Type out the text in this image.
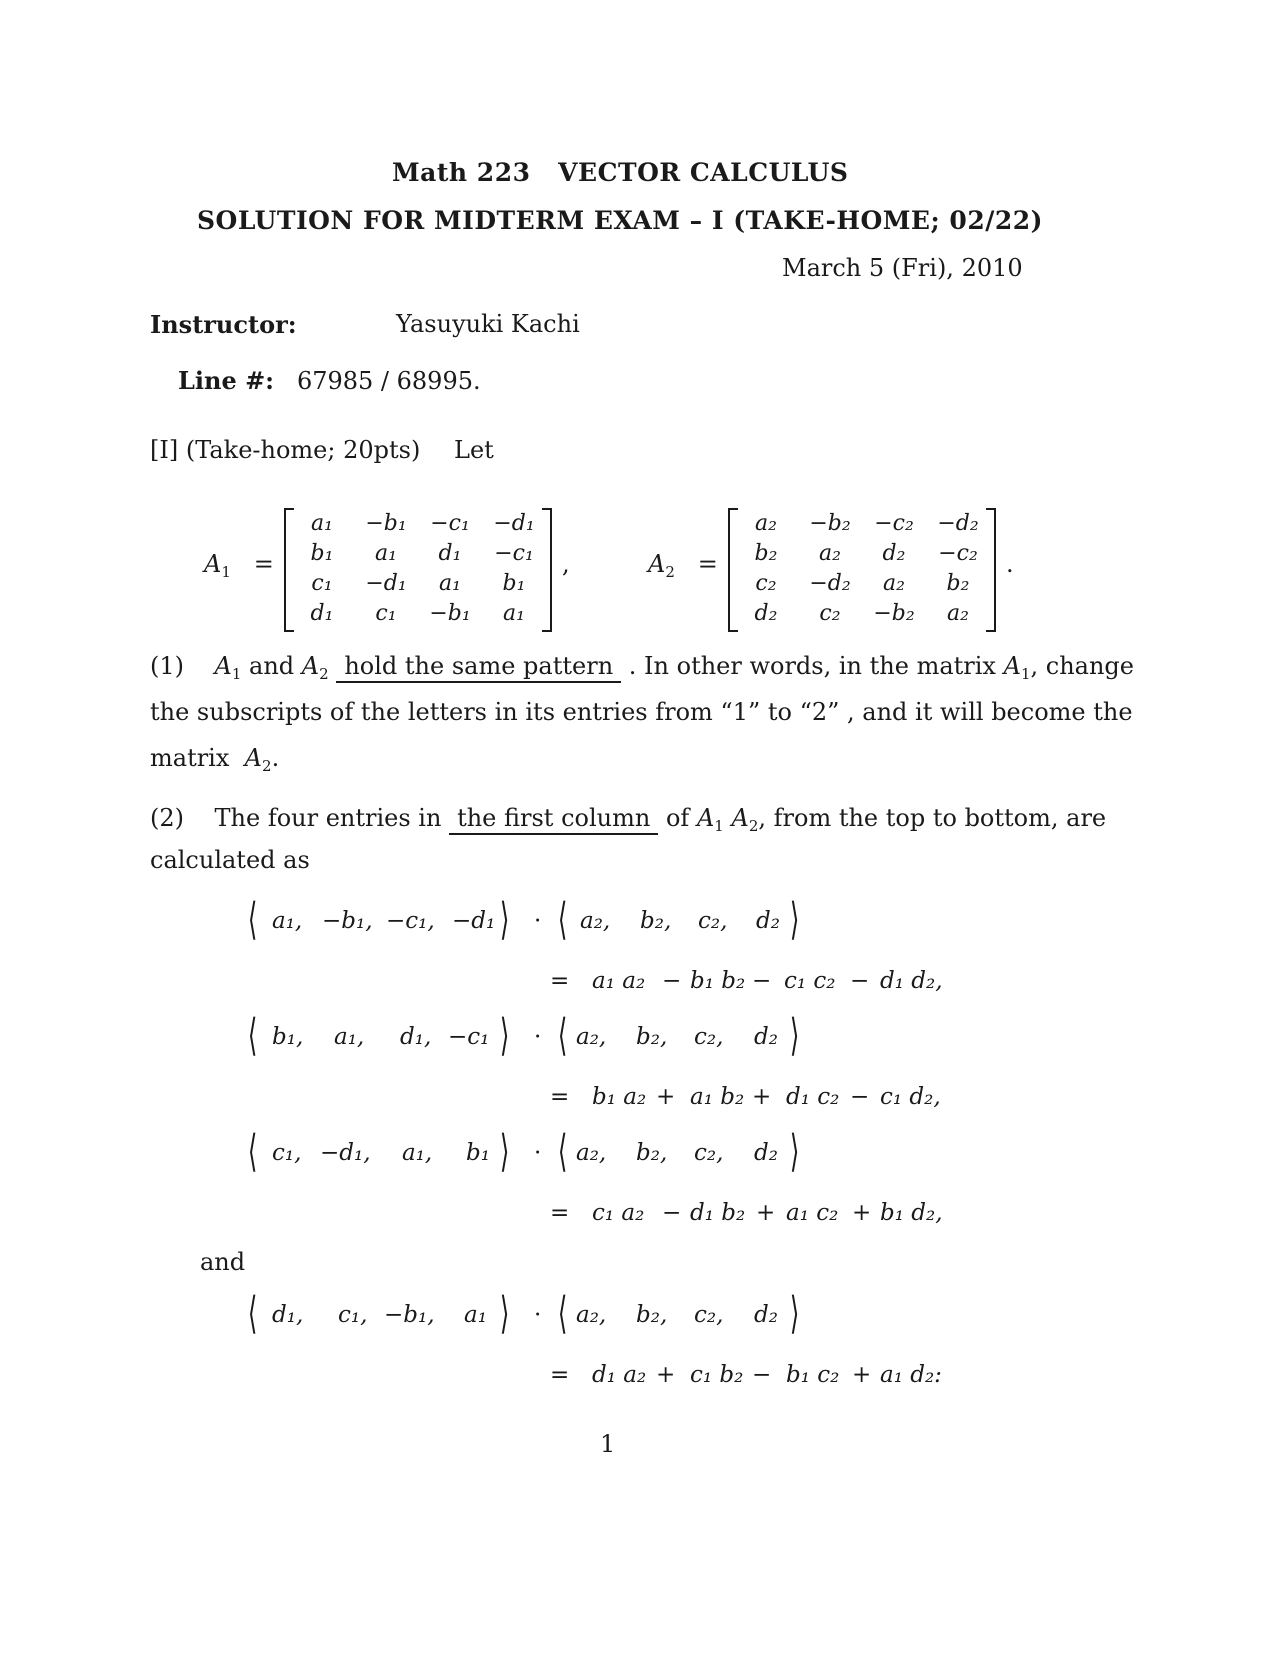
Math 223 VECTOR CALCULUS
SOLUTION FOR MIDTERM EXAM – I (TAKE-HOME; 02/22)
March 5 (Fri), 2010
Instructor:	Yasuyuki Kachi
Line #: 67985 / 68995.
[I] (Take-home; 20pts) Let
$A_1$   =
a₁	−b₁	−c₁	−d₁
b₁	a₁	d₁	−c₁
c₁	−d₁	a₁	b₁
d₁	c₁	−b₁	a₁
,	$A_2$   =
a₂	−b₂	−c₂	−d₂
b₂	a₂	d₂	−c₂
c₂	−d₂	a₂	b₂
d₂	c₂	−b₂	a₂
.
(1) $A_1$ and $A_2$ hold the same pattern . In other words, in the matrix $A_1$, change
the subscripts of the letters in its entries from “1” to “2” , and it will become the
matrix $A_2$.
(2) The four entries in the first column of $A_1$ $A_2$, from the top to bottom, are
calculated as
⟨ a₁, −b₁, −c₁, −d₁ ⟩ · ⟨ a₂, b₂, c₂, d₂ ⟩
= a₁ a₂ − b₁ b₂ − c₁ c₂ − d₁ d₂,
⟨ b₁, a₁, d₁, −c₁ ⟩ · ⟨ a₂, b₂, c₂, d₂ ⟩
= b₁ a₂ + a₁ b₂ + d₁ c₂ − c₁ d₂,
⟨ c₁, −d₁, a₁, b₁ ⟩ · ⟨ a₂, b₂, c₂, d₂ ⟩
= c₁ a₂ − d₁ b₂ + a₁ c₂ + b₁ d₂,
and
⟨ d₁, c₁, −b₁, a₁ ⟩ · ⟨ a₂, b₂, c₂, d₂ ⟩
= d₁ a₂ + c₁ b₂ − b₁ c₂ + a₁ d₂:
1
